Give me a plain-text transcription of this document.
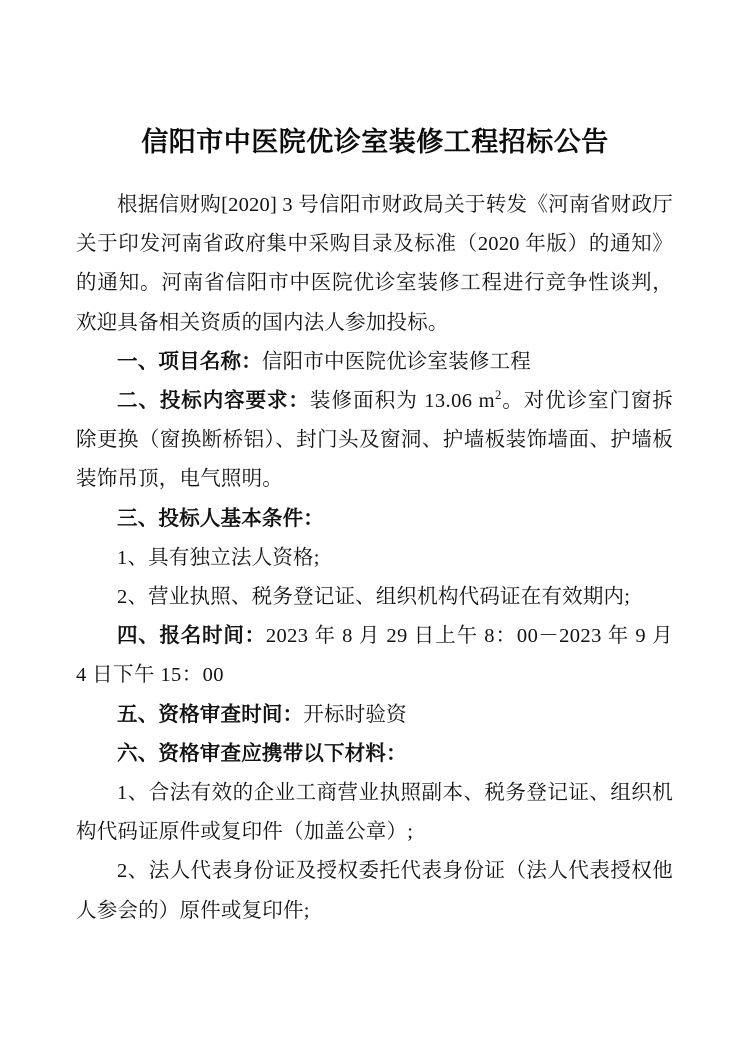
信阳市中医院优诊室装修工程招标公告

根据信财购[2020] 3 号信阳市财政局关于转发《河南省财政厅关于印发河南省政府集中采购目录及标准（2020 年版）的通知》的通知。河南省信阳市中医院优诊室装修工程进行竞争性谈判，欢迎具备相关资质的国内法人参加投标。

一、项目名称：信阳市中医院优诊室装修工程

二、投标内容要求：装修面积为 13.06 $m^2$。对优诊室门窗拆除更换（窗换断桥铝）、封门头及窗洞、护墙板装饰墙面、护墙板装饰吊顶，电气照明。

三、投标人基本条件：

1、具有独立法人资格;

2、营业执照、税务登记证、组织机构代码证在有效期内;

四、报名时间：2023 年 8 月 29 日上午 8：00－2023 年 9 月 4 日下午 15：00

五、资格审查时间：开标时验资

六、资格审查应携带以下材料：

1、合法有效的企业工商营业执照副本、税务登记证、组织机构代码证原件或复印件（加盖公章）;

2、法人代表身份证及授权委托代表身份证（法人代表授权他人参会的）原件或复印件;
